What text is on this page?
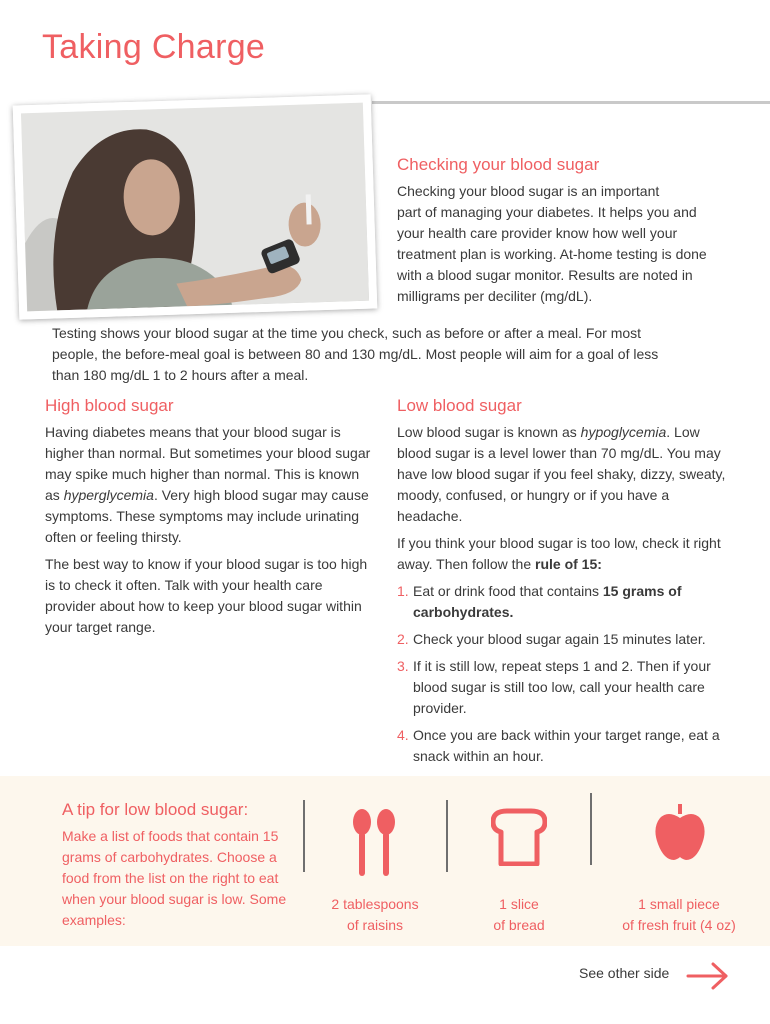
Taking Charge
Checking your blood sugar
Checking your blood sugar is an important
part of managing your diabetes. It helps you and
your health care provider know how well your
treatment plan is working. At-home testing is done
with a blood sugar monitor. Results are noted in
milligrams per deciliter (mg/dL).
Testing shows your blood sugar at the time you check, such as before or after a meal. For most
people, the before-meal goal is between 80 and 130 mg/dL. Most people will aim for a goal of less
than 180 mg/dL 1 to 2 hours after a meal.
High blood sugar

Having diabetes means that your blood sugar is higher than normal. But sometimes your blood sugar may spike much higher than normal. This is known as hyperglycemia. Very high blood sugar may cause symptoms. These symptoms may include urinating often or feeling thirsty.

The best way to know if your blood sugar is too high is to check it often. Talk with your health care provider about how to keep your blood sugar within your target range.

Low blood sugar

Low blood sugar is known as hypoglycemia. Low blood sugar is a level lower than 70 mg/dL. You may have low blood sugar if you feel shaky, dizzy, sweaty, moody, confused, or hungry or if you have a headache.

If you think your blood sugar is too low, check it right away. Then follow the rule of 15:

1. Eat or drink food that contains 15 grams of carbohydrates.
2. Check your blood sugar again 15 minutes later.
3. If it is still low, repeat steps 1 and 2. Then if your blood sugar is still too low, call your health care provider.
4. Once you are back within your target range, eat a snack within an hour.
A tip for low blood sugar:
Make a list of foods that contain 15 grams of carbohydrates. Choose a food from the list on the right to eat when your blood sugar is low. Some examples:
2 tablespoons
of raisins
1 slice
of bread
1 small piece
of fresh fruit (4 oz)
See other side
